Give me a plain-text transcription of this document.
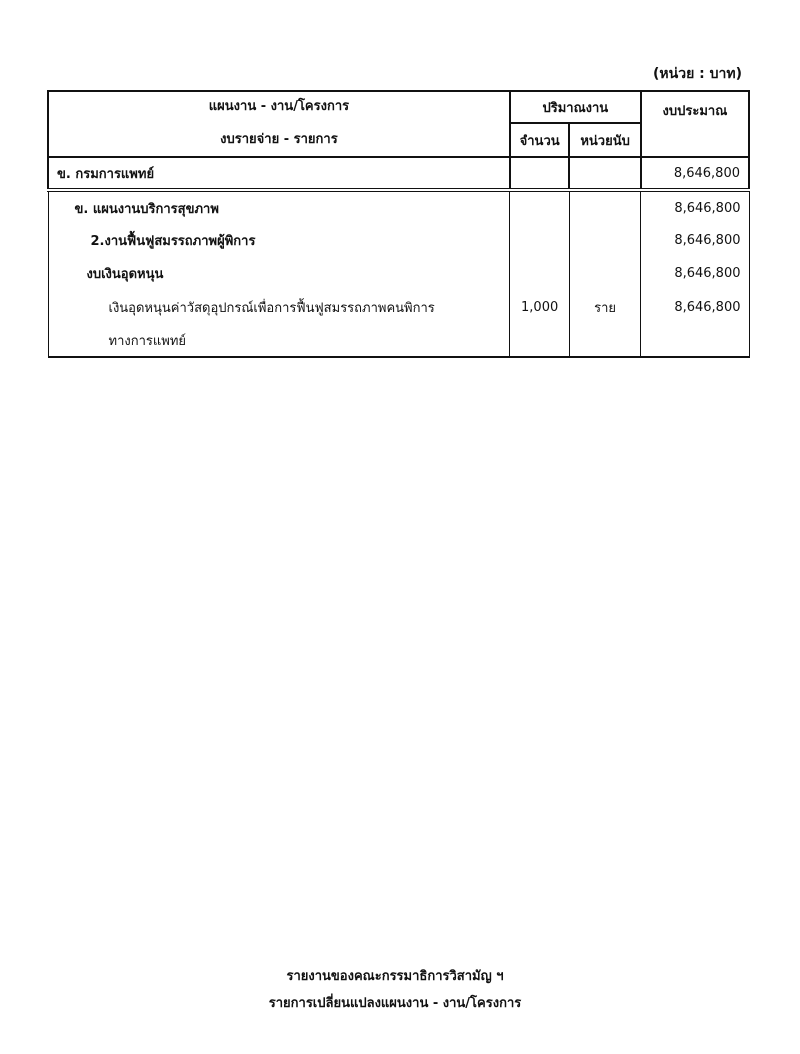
(หน่วย : บาท)
แผนงาน - งาน/โครงการ
งบรายจ่าย - รายการ	ปริมาณงาน		งบประมาณ
	จำนวน	หน่วยนับ	
ข. กรมการแพทย์			8,646,800
ข. แผนงานบริการสุขภาพ			8,646,800
2.งานฟื้นฟูสมรรถภาพผู้พิการ			8,646,800
งบเงินอุดหนุน			8,646,800
เงินอุดหนุนค่าวัสดุอุปกรณ์เพื่อการฟื้นฟูสมรรถภาพคนพิการ	1,000	ราย	8,646,800
ทางการแพทย์			
รายงานของคณะกรรมาธิการวิสามัญ ฯ
รายการเปลี่ยนแปลงแผนงาน - งาน/โครงการ
